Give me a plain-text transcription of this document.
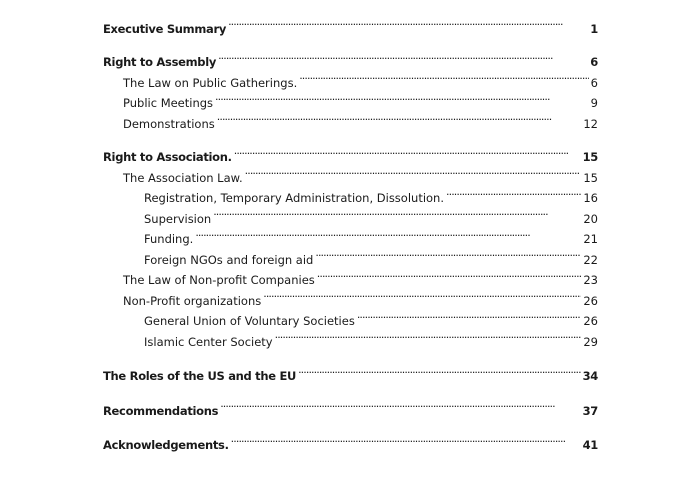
Executive Summary . . .	1
Right to Assembly . . .	6
The Law on Public Gatherings. . . .	6
Public Meetings . . .	9
Demonstrations . . .	12
Right to Association. . . .	15
The Association Law. . . .	15
Registration, Temporary Administration, Dissolution. . . .	16
Supervision . . .	20
Funding. . . .	21
Foreign NGOs and foreign aid . . .	22
The Law of Non-profit Companies . . .	23
Non-Profit organizations . . .	26
General Union of Voluntary Societies . . .	26
Islamic Center Society . . .	29
The Roles of the US and the EU . . .	34
Recommendations . . .	37
Acknowledgements. . . .	41
